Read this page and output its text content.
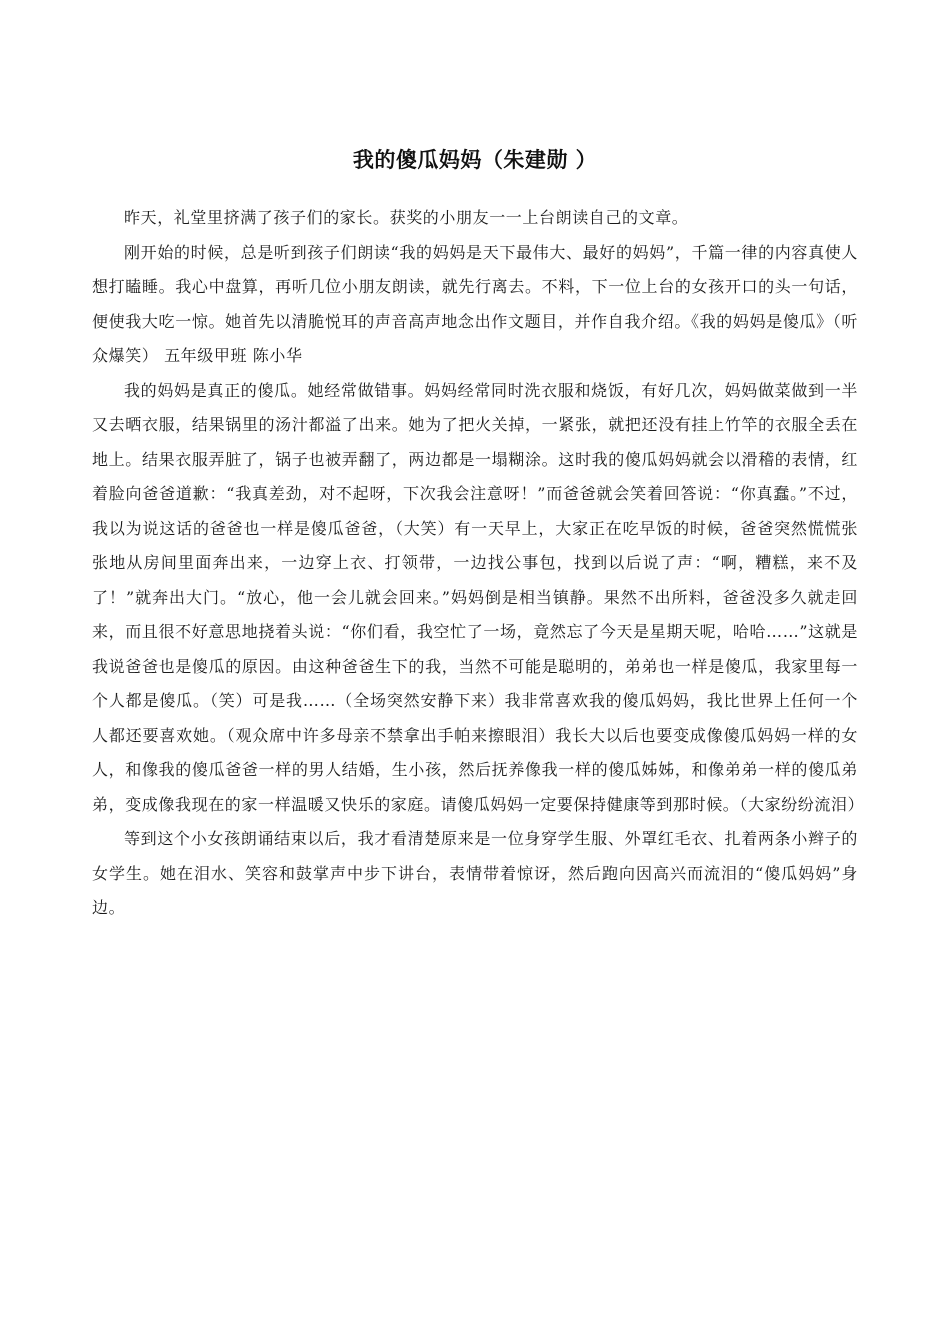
我的傻瓜妈妈（朱建勋 ）

昨天，礼堂里挤满了孩子们的家长。获奖的小朋友一一上台朗读自己的文章。

刚开始的时候，总是听到孩子们朗读“我的妈妈是天下最伟大、最好的妈妈”，千篇一律的内容真使人想打瞌睡。我心中盘算，再听几位小朋友朗读，就先行离去。不料，下一位上台的女孩开口的头一句话，便使我大吃一惊。她首先以清脆悦耳的声音高声地念出作文题目，并作自我介绍。《我的妈妈是傻瓜》（听众爆笑） 五年级甲班 陈小华

我的妈妈是真正的傻瓜。她经常做错事。妈妈经常同时洗衣服和烧饭，有好几次，妈妈做菜做到一半又去晒衣服，结果锅里的汤汁都溢了出来。她为了把火关掉，一紧张，就把还没有挂上竹竿的衣服全丢在地上。结果衣服弄脏了，锅子也被弄翻了，两边都是一塌糊涂。这时我的傻瓜妈妈就会以滑稽的表情，红着脸向爸爸道歉：“我真差劲，对不起呀，下次我会注意呀！”而爸爸就会笑着回答说：“你真蠢。”不过，我以为说这话的爸爸也一样是傻瓜爸爸，（大笑）有一天早上，大家正在吃早饭的时候，爸爸突然慌慌张张地从房间里面奔出来，一边穿上衣、打领带，一边找公事包，找到以后说了声：“啊，糟糕，来不及了！”就奔出大门。“放心，他一会儿就会回来。”妈妈倒是相当镇静。果然不出所料，爸爸没多久就走回来，而且很不好意思地挠着头说：“你们看，我空忙了一场，竟然忘了今天是星期天呢，哈哈……”这就是我说爸爸也是傻瓜的原因。由这种爸爸生下的我，当然不可能是聪明的，弟弟也一样是傻瓜，我家里每一个人都是傻瓜。（笑）可是我……（全场突然安静下来）我非常喜欢我的傻瓜妈妈，我比世界上任何一个人都还要喜欢她。（观众席中许多母亲不禁拿出手帕来擦眼泪）我长大以后也要变成像傻瓜妈妈一样的女人，和像我的傻瓜爸爸一样的男人结婚，生小孩，然后抚养像我一样的傻瓜姊姊，和像弟弟一样的傻瓜弟弟，变成像我现在的家一样温暖又快乐的家庭。请傻瓜妈妈一定要保持健康等到那时候。（大家纷纷流泪）

等到这个小女孩朗诵结束以后，我才看清楚原来是一位身穿学生服、外罩红毛衣、扎着两条小辫子的女学生。她在泪水、笑容和鼓掌声中步下讲台，表情带着惊讶，然后跑向因高兴而流泪的“傻瓜妈妈”身边。
